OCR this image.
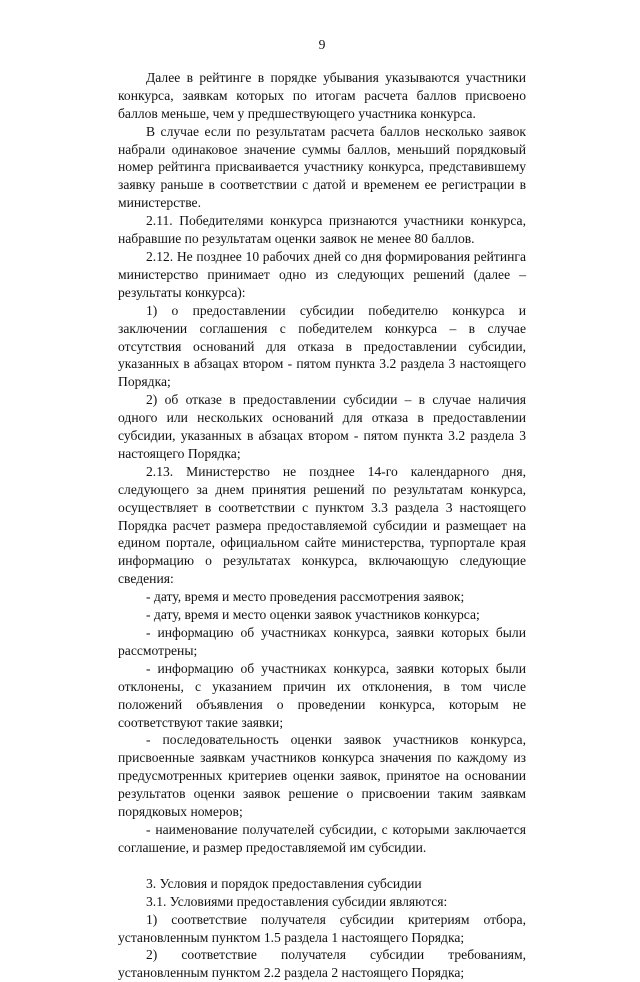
9

Далее в рейтинге в порядке убывания указываются участники конкурса, заявкам которых по итогам расчета баллов присвоено баллов меньше, чем у предшествующего участника конкурса.

В случае если по результатам расчета баллов несколько заявок набрали одинаковое значение суммы баллов, меньший порядковый номер рейтинга присваивается участнику конкурса, представившему заявку раньше в соответствии с датой и временем ее регистрации в министерстве.

2.11. Победителями конкурса признаются участники конкурса, набравшие по результатам оценки заявок не менее 80 баллов.

2.12. Не позднее 10 рабочих дней со дня формирования рейтинга министерство принимает одно из следующих решений (далее – результаты конкурса):

1) о предоставлении субсидии победителю конкурса и заключении соглашения с победителем конкурса – в случае отсутствия оснований для отказа в предоставлении субсидии, указанных в абзацах втором - пятом пункта 3.2 раздела 3 настоящего Порядка;

2) об отказе в предоставлении субсидии – в случае наличия одного или нескольких оснований для отказа в предоставлении субсидии, указанных в абзацах втором - пятом пункта 3.2 раздела 3 настоящего Порядка;

2.13. Министерство не позднее 14-го календарного дня, следующего за днем принятия решений по результатам конкурса, осуществляет в соответствии с пунктом 3.3 раздела 3 настоящего Порядка расчет размера предоставляемой субсидии и размещает на едином портале, официальном сайте министерства, турпортале края информацию о результатах конкурса, включающую следующие сведения:

- дату, время и место проведения рассмотрения заявок;

- дату, время и место оценки заявок участников конкурса;

- информацию об участниках конкурса, заявки которых были рассмотрены;

- информацию об участниках конкурса, заявки которых были отклонены, с указанием причин их отклонения, в том числе положений объявления о проведении конкурса, которым не соответствуют такие заявки;

- последовательность оценки заявок участников конкурса, присвоенные заявкам участников конкурса значения по каждому из предусмотренных критериев оценки заявок, принятое на основании результатов оценки заявок решение о присвоении таким заявкам порядковых номеров;

- наименование получателей субсидии, с которыми заключается соглашение, и размер предоставляемой им субсидии.

3. Условия и порядок предоставления субсидии

3.1. Условиями предоставления субсидии являются:

1) соответствие получателя субсидии критериям отбора, установленным пунктом 1.5 раздела 1 настоящего Порядка;

2) соответствие получателя субсидии требованиям, установленным пунктом 2.2 раздела 2 настоящего Порядка;
